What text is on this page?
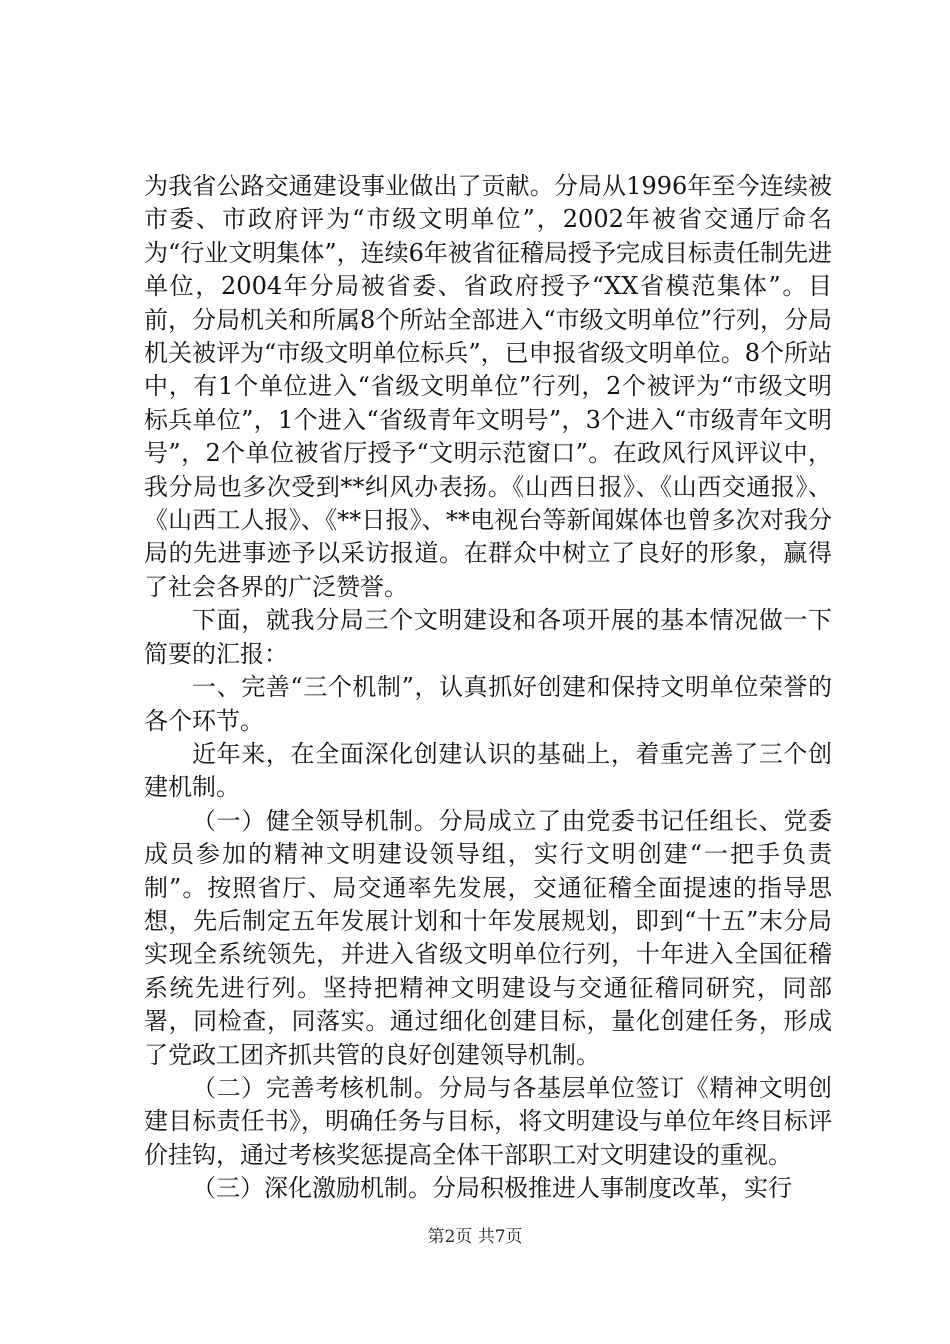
为我省公路交通建设事业做出了贡献。分局从1996年至今连续被市委、市政府评为“市级文明单位”，2002年被省交通厅命名为“行业文明集体”，连续6年被省征稽局授予完成目标责任制先进单位，2004年分局被省委、省政府授予“XX省模范集体”。目前，分局机关和所属8个所站全部进入“市级文明单位”行列，分局机关被评为“市级文明单位标兵”，已申报省级文明单位。8个所站中，有1个单位进入“省级文明单位”行列，2个被评为“市级文明标兵单位”，1个进入“省级青年文明号”，3个进入“市级青年文明号”，2个单位被省厅授予“文明示范窗口”。在政风行风评议中，我分局也多次受到**纠风办表扬。《山西日报》、《山西交通报》、《山西工人报》、《**日报》、**电视台等新闻媒体也曾多次对我分局的先进事迹予以采访报道。在群众中树立了良好的形象，赢得了社会各界的广泛赞誉。

下面，就我分局三个文明建设和各项开展的基本情况做一下简要的汇报：

一、完善“三个机制”，认真抓好创建和保持文明单位荣誉的各个环节。

近年来，在全面深化创建认识的基础上，着重完善了三个创建机制。

（一）健全领导机制。分局成立了由党委书记任组长、党委成员参加的精神文明建设领导组，实行文明创建“一把手负责制”。按照省厅、局交通率先发展，交通征稽全面提速的指导思想，先后制定五年发展计划和十年发展规划，即到“十五”末分局实现全系统领先，并进入省级文明单位行列，十年进入全国征稽系统先进行列。坚持把精神文明建设与交通征稽同研究，同部署，同检查，同落实。通过细化创建目标，量化创建任务，形成了党政工团齐抓共管的良好创建领导机制。

（二）完善考核机制。分局与各基层单位签订《精神文明创建目标责任书》，明确任务与目标，将文明建设与单位年终目标评价挂钩，通过考核奖惩提高全体干部职工对文明建设的重视。

（三）深化激励机制。分局积极推进人事制度改革，实行

第2页 共7页
